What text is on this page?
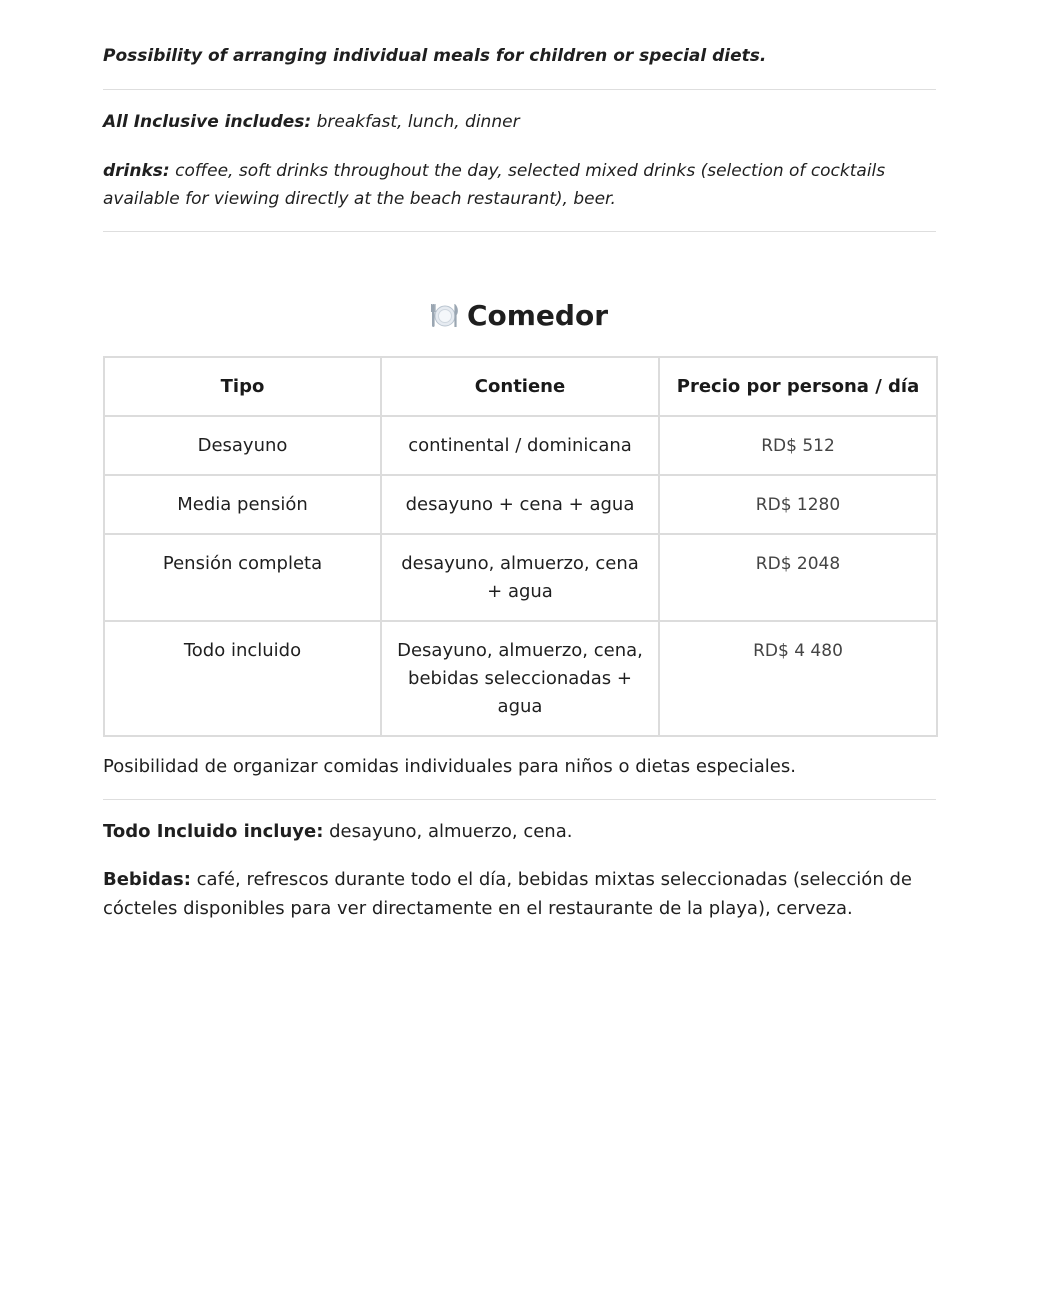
Possibility of arranging individual meals for children or special diets.

All Inclusive includes: breakfast, lunch, dinner

drinks: coffee, soft drinks throughout the day, selected mixed drinks (selection of cocktails available for viewing directly at the beach restaurant), beer.

Comedor
Tipo	Contiene	Precio por persona / día
Desayuno	continental / dominicana	RD$ 512
Media pensión	desayuno + cena + agua	RD$ 1280
Pensión completa	desayuno, almuerzo, cena + agua	RD$ 2048
Todo incluido	Desayuno, almuerzo, cena, bebidas seleccionadas + agua	RD$ 4 480

Posibilidad de organizar comidas individuales para niños o dietas especiales.

Todo Incluido incluye: desayuno, almuerzo, cena.

Bebidas: café, refrescos durante todo el día, bebidas mixtas seleccionadas (selección de cócteles disponibles para ver directamente en el restaurante de la playa), cerveza.
